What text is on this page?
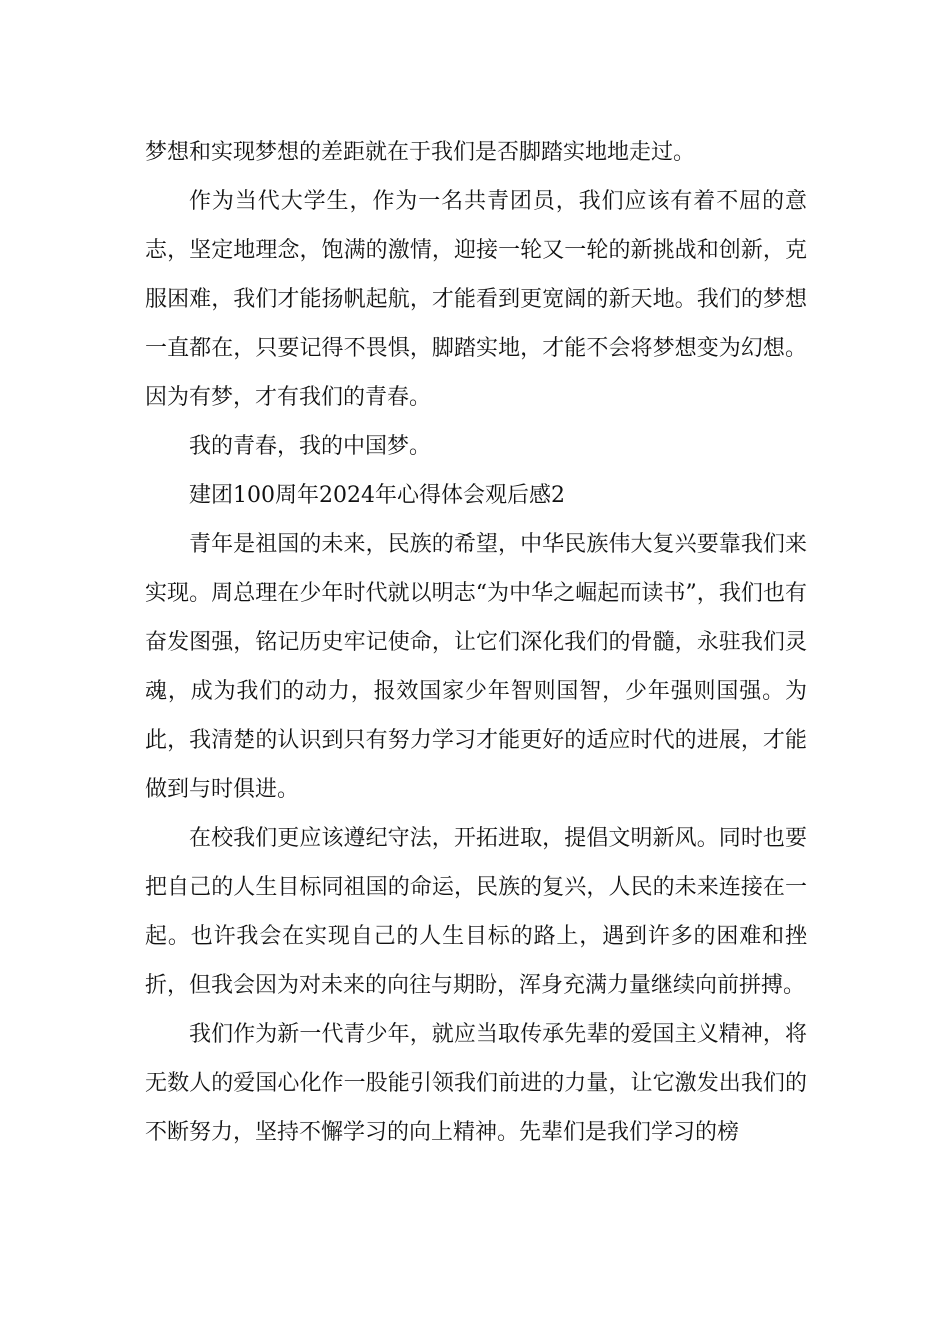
梦想和实现梦想的差距就在于我们是否脚踏实地地走过。

作为当代大学生，作为一名共青团员，我们应该有着不屈的意志，坚定地理念，饱满的激情，迎接一轮又一轮的新挑战和创新，克服困难，我们才能扬帆起航，才能看到更宽阔的新天地。我们的梦想一直都在，只要记得不畏惧，脚踏实地，才能不会将梦想变为幻想。因为有梦，才有我们的青春。

我的青春，我的中国梦。

建团100周年2024年心得体会观后感2

青年是祖国的未来，民族的希望，中华民族伟大复兴要靠我们来实现。周总理在少年时代就以明志“为中华之崛起而读书”，我们也有奋发图强，铭记历史牢记使命，让它们深化我们的骨髓，永驻我们灵魂，成为我们的动力，报效国家少年智则国智，少年强则国强。为此，我清楚的认识到只有努力学习才能更好的适应时代的进展，才能做到与时俱进。

在校我们更应该遵纪守法，开拓进取，提倡文明新风。同时也要把自己的人生目标同祖国的命运，民族的复兴，人民的未来连接在一起。也许我会在实现自己的人生目标的路上，遇到许多的困难和挫折，但我会因为对未来的向往与期盼，浑身充满力量继续向前拼搏。

我们作为新一代青少年，就应当取传承先辈的爱国主义精神，将无数人的爱国心化作一股能引领我们前进的力量，让它激发出我们的不断努力，坚持不懈学习的向上精神。先辈们是我们学习的榜
